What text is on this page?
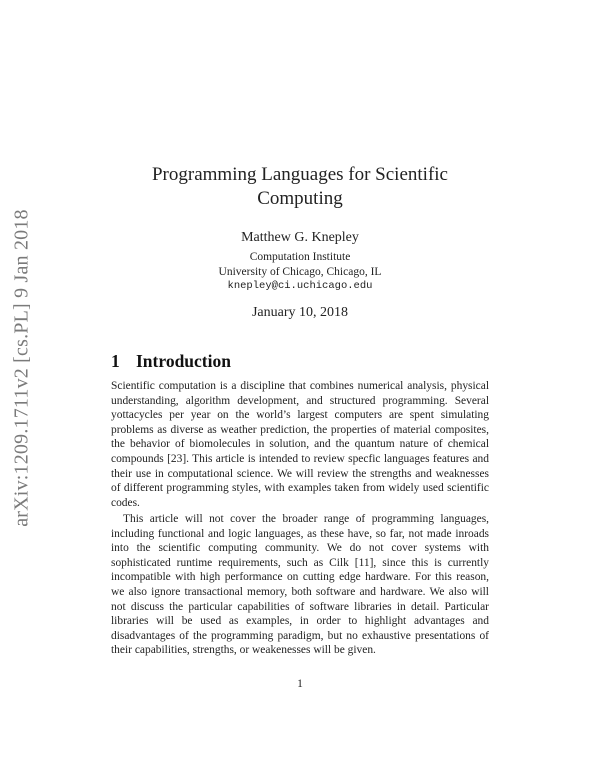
arXiv:1209.1711v2 [cs.PL] 9 Jan 2018
Programming Languages for Scientific Computing
Matthew G. Knepley
Computation Institute
University of Chicago, Chicago, IL
knepley@ci.uchicago.edu
January 10, 2018
1 Introduction

Scientific computation is a discipline that combines numerical analysis, physical understanding, algorithm development, and structured programming. Several yottacycles per year on the world’s largest computers are spent simulating problems as diverse as weather prediction, the properties of material composites, the behavior of biomolecules in solution, and the quantum nature of chemical compounds [23]. This article is intended to review specfic languages features and their use in computational science. We will review the strengths and weaknesses of different programming styles, with examples taken from widely used scientific codes.

This article will not cover the broader range of programming languages, including functional and logic languages, as these have, so far, not made inroads into the scientific computing community. We do not cover systems with sophisticated runtime requirements, such as Cilk [11], since this is currently incompatible with high performance on cutting edge hardware. For this reason, we also ignore transactional memory, both software and hardware. We also will not discuss the particular capabilities of software libraries in detail. Particular libraries will be used as examples, in order to highlight advantages and disadvantages of the programming paradigm, but no exhaustive presentations of their capabilities, strengths, or weakenesses will be given.

1
